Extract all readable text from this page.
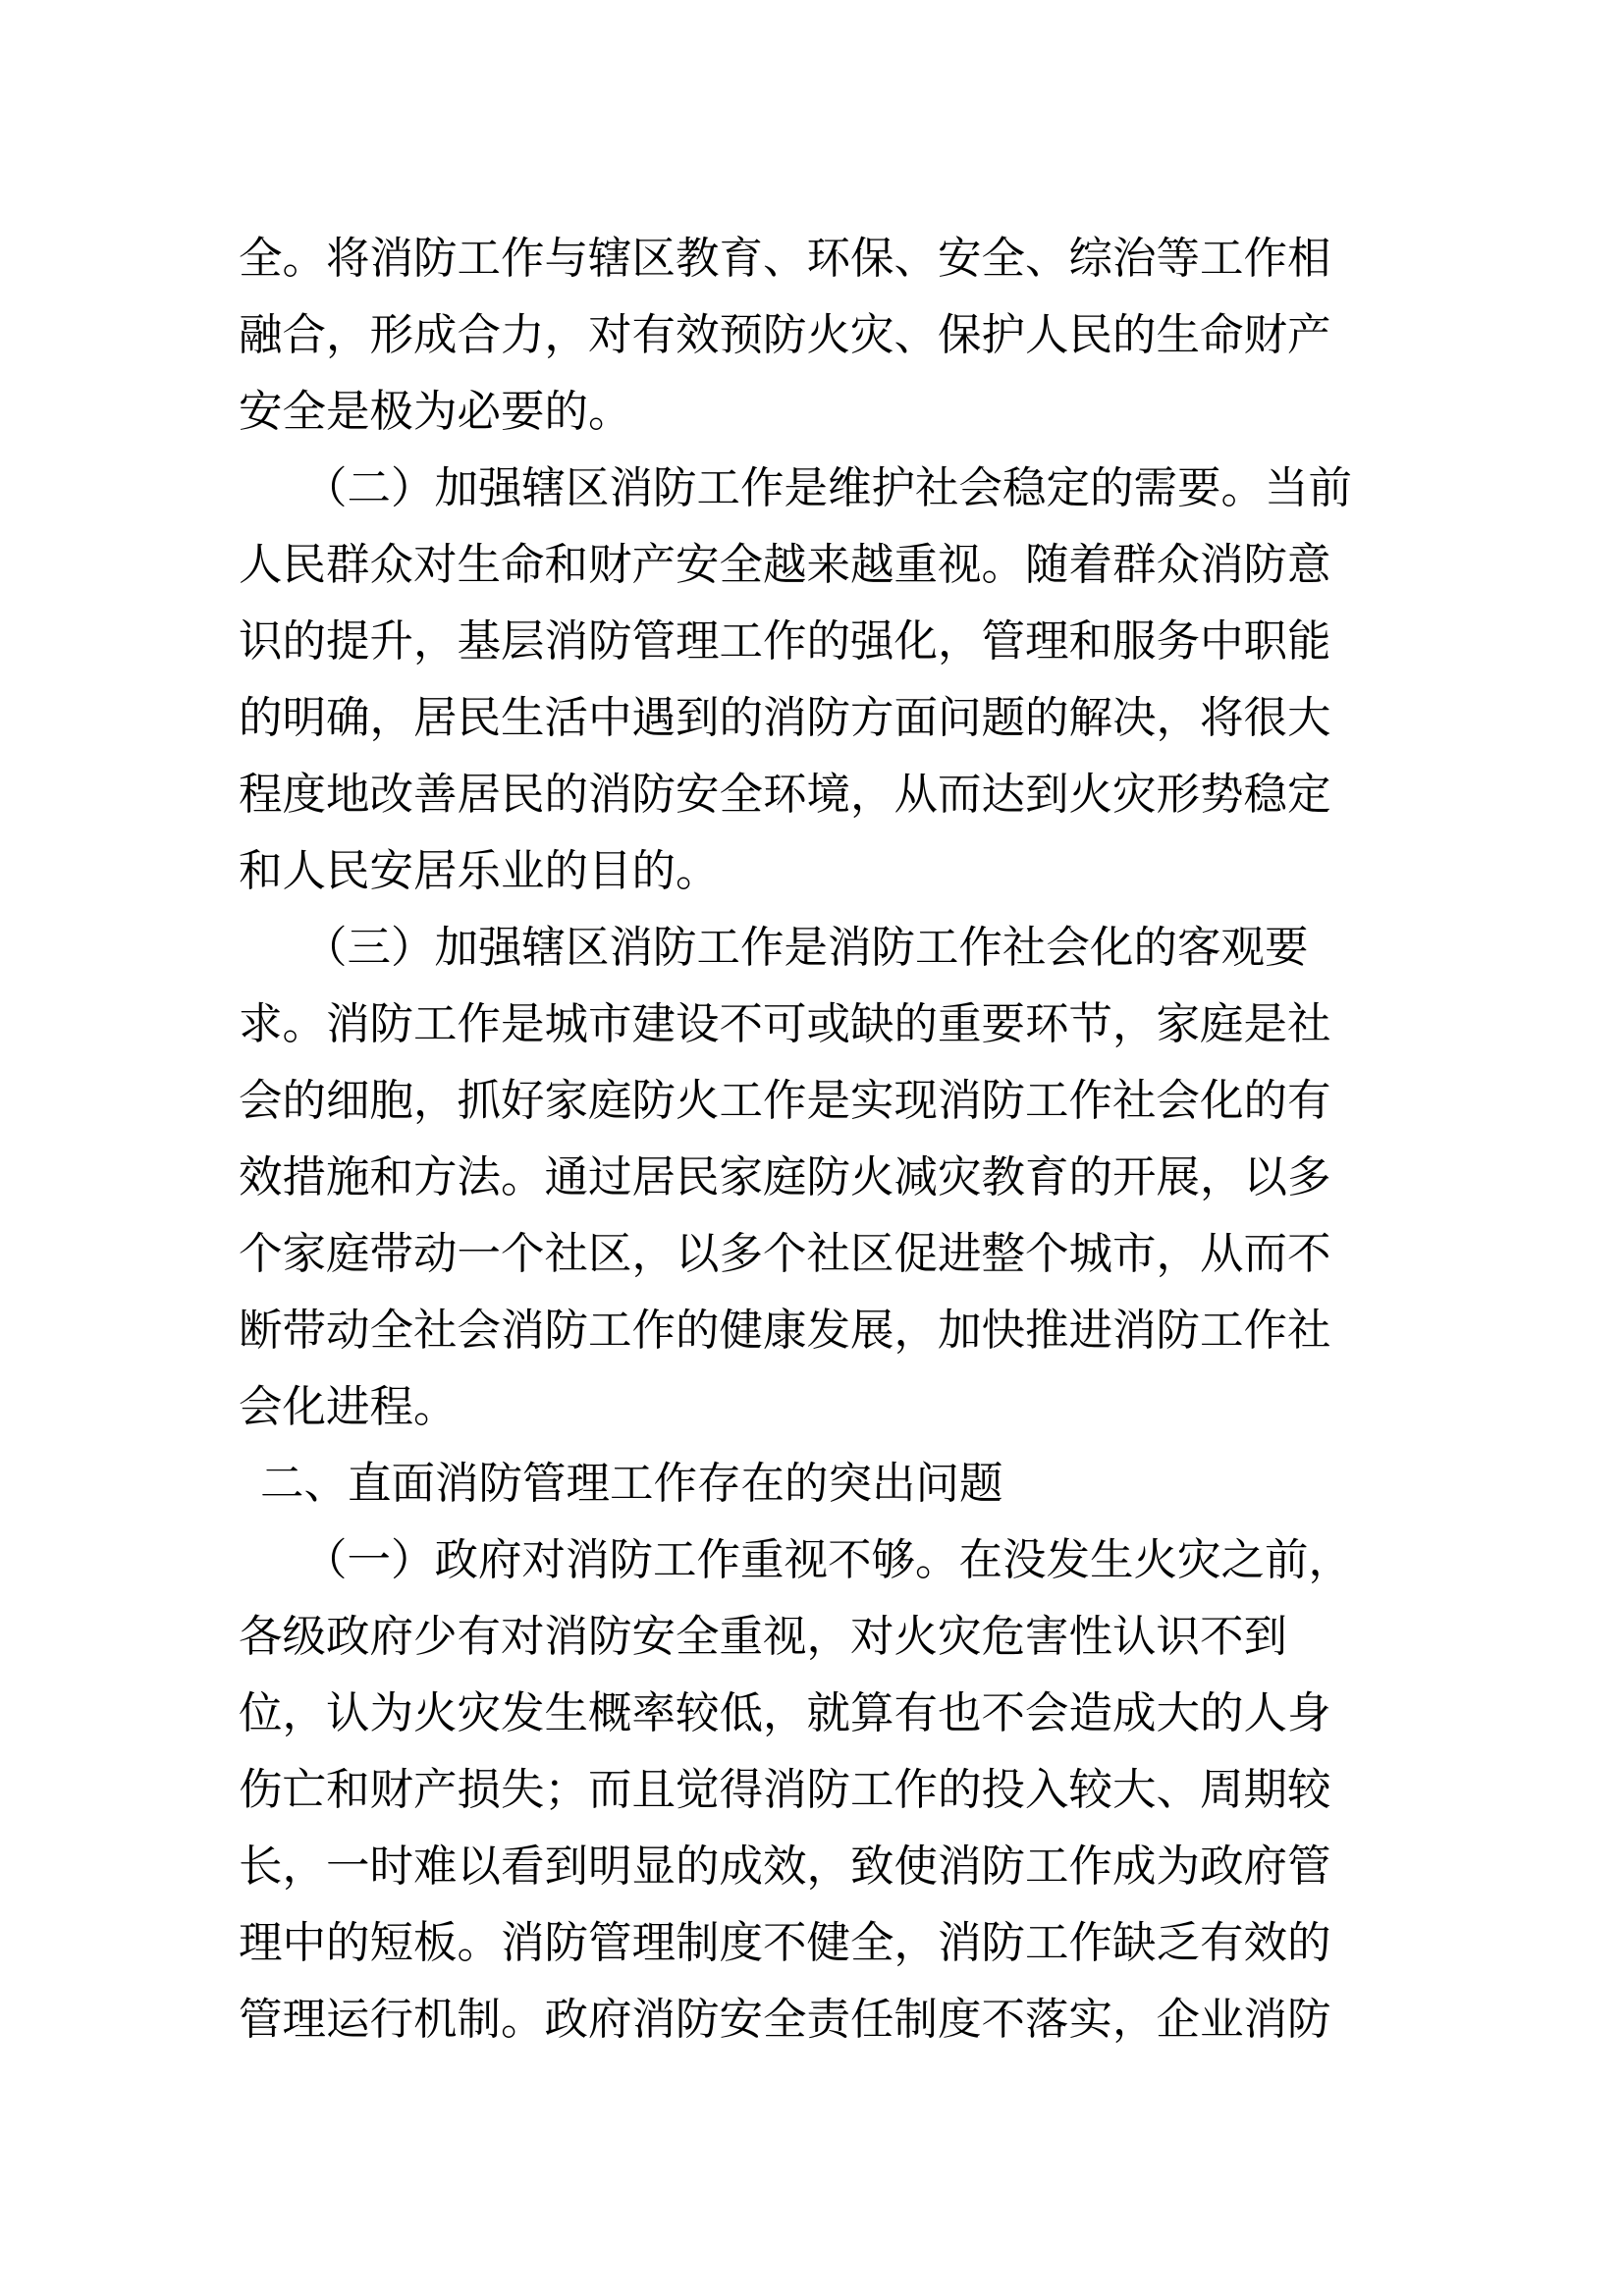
全。将消防工作与辖区教育、环保、安全、综治等工作相
融合，形成合力，对有效预防火灾、保护人民的生命财产
安全是极为必要的。
（二）加强辖区消防工作是维护社会稳定的需要。当前
人民群众对生命和财产安全越来越重视。随着群众消防意
识的提升，基层消防管理工作的强化，管理和服务中职能
的明确，居民生活中遇到的消防方面问题的解决，将很大
程度地改善居民的消防安全环境，从而达到火灾形势稳定
和人民安居乐业的目的。
（三）加强辖区消防工作是消防工作社会化的客观要
求。消防工作是城市建设不可或缺的重要环节，家庭是社
会的细胞，抓好家庭防火工作是实现消防工作社会化的有
效措施和方法。通过居民家庭防火减灾教育的开展，以多
个家庭带动一个社区，以多个社区促进整个城市，从而不
断带动全社会消防工作的健康发展，加快推进消防工作社
会化进程。
二、直面消防管理工作存在的突出问题
（一）政府对消防工作重视不够。在没发生火灾之前，
各级政府少有对消防安全重视，对火灾危害性认识不到
位，认为火灾发生概率较低，就算有也不会造成大的人身
伤亡和财产损失；而且觉得消防工作的投入较大、周期较
长，一时难以看到明显的成效，致使消防工作成为政府管
理中的短板。消防管理制度不健全，消防工作缺乏有效的
管理运行机制。政府消防安全责任制度不落实，企业消防
